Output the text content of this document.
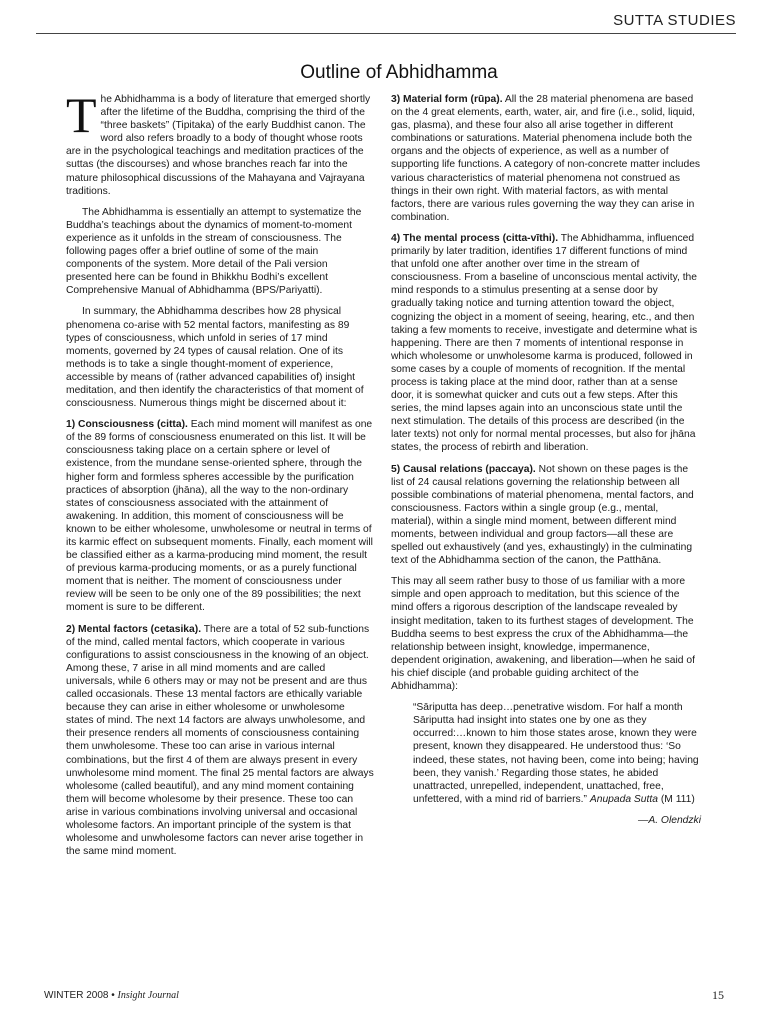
SUTTA STUDIES
Outline of Abhidhamma

The Abhidhamma is a body of literature that emerged shortly after the lifetime of the Buddha, comprising the third of the “three baskets” (Tipitaka) of the early Buddhist canon. The word also refers broadly to a body of thought whose roots are in the psychological teachings and meditation practices of the suttas (the discourses) and whose branches reach far into the mature philosophical discussions of the Mahayana and Vajrayana traditions.

The Abhidhamma is essentially an attempt to systematize the Buddha’s teachings about the dynamics of moment-to-moment experience as it unfolds in the stream of consciousness. The following pages offer a brief outline of some of the main components of the system. More detail of the Pali version presented here can be found in Bhikkhu Bodhi’s excellent Comprehensive Manual of Abhidhamma (BPS/Pariyatti).

In summary, the Abhidhamma describes how 28 physical phenomena co-arise with 52 mental factors, manifesting as 89 types of consciousness, which unfold in series of 17 mind moments, governed by 24 types of causal relation. One of its methods is to take a single thought-moment of experience, accessible by means of (rather advanced capabilities of) insight meditation, and then identify the characteristics of that moment of consciousness. Numerous things might be discerned about it:

1) Consciousness (citta). Each mind moment will manifest as one of the 89 forms of consciousness enumerated on this list. It will be consciousness taking place on a certain sphere or level of existence, from the mundane sense-oriented sphere, through the higher form and formless spheres accessible by the purification practices of absorption (jhāna), all the way to the non-ordinary states of consciousness associated with the attainment of awakening. In addition, this moment of consciousness will be known to be either wholesome, unwholesome or neutral in terms of its karmic effect on subsequent moments. Finally, each moment will be classified either as a karma-producing mind moment, the result of previous karma-producing moments, or as a purely functional moment that is neither. The moment of consciousness under review will be seen to be only one of the 89 possibilities; the next moment is sure to be different.

2) Mental factors (cetasika). There are a total of 52 sub-functions of the mind, called mental factors, which cooperate in various configurations to assist consciousness in the knowing of an object. Among these, 7 arise in all mind moments and are called universals, while 6 others may or may not be present and are thus called occasionals. These 13 mental factors are ethically variable because they can arise in either wholesome or unwholesome states of mind. The next 14 factors are always unwholesome, and their presence renders all moments of consciousness containing them unwholesome. These too can arise in various internal combinations, but the first 4 of them are always present in every unwholesome mind moment. The final 25 mental factors are always wholesome (called beautiful), and any mind moment containing them will become wholesome by their presence. These too can arise in various combinations involving universal and occasional wholesome factors. An important principle of the system is that wholesome and unwholesome factors can never arise together in the same mind moment.

3) Material form (rūpa). All the 28 material phenomena are based on the 4 great elements, earth, water, air, and fire (i.e., solid, liquid, gas, plasma), and these four also all arise together in different combinations or saturations. Material phenomena include both the organs and the objects of experience, as well as a number of supporting life functions. A category of non-concrete matter includes various characteristics of material phenomena not construed as things in their own right. With material factors, as with mental factors, there are various rules governing the way they can arise in combination.

4) The mental process (citta-vīthi). The Abhidhamma, influenced primarily by later tradition, identifies 17 different functions of mind that unfold one after another over time in the stream of consciousness. From a baseline of unconscious mental activity, the mind responds to a stimulus presenting at a sense door by gradually taking notice and turning attention toward the object, cognizing the object in a moment of seeing, hearing, etc., and then taking a few moments to receive, investigate and determine what is happening. There are then 7 moments of intentional response in which wholesome or unwholesome karma is produced, followed in some cases by a couple of moments of recognition. If the mental process is taking place at the mind door, rather than at a sense door, it is somewhat quicker and cuts out a few steps. After this series, the mind lapses again into an unconscious state until the next stimulation. The details of this process are described (in the later texts) not only for normal mental processes, but also for jhāna states, the process of rebirth and liberation.

5) Causal relations (paccaya). Not shown on these pages is the list of 24 causal relations governing the relationship between all possible combinations of material phenomena, mental factors, and consciousness. Factors within a single group (e.g., mental, material), within a single mind moment, between different mind moments, between individual and group factors—all these are spelled out exhaustively (and yes, exhaustingly) in the culminating text of the Abhidhamma section of the canon, the Patthāna.

This may all seem rather busy to those of us familiar with a more simple and open approach to meditation, but this science of the mind offers a rigorous description of the landscape revealed by insight meditation, taken to its furthest stages of development. The Buddha seems to best express the crux of the Abhidhamma—the relationship between insight, knowledge, impermanence, dependent origination, awakening, and liberation—when he said of his chief disciple (and probable guiding architect of the Abhidhamma):

“Sāriputta has deep…penetrative wisdom. For half a month Sāriputta had insight into states one by one as they occurred:…known to him those states arose, known they were present, known they disappeared. He understood thus: ‘So indeed, these states, not having been, come into being; having been, they vanish.’ Regarding those states, he abided unattracted, unrepelled, independent, unattached, free, unfettered, with a mind rid of barriers.” Anupada Sutta (M 111)

—A. Olendzki

WINTER 2008 • Insight Journal	15
